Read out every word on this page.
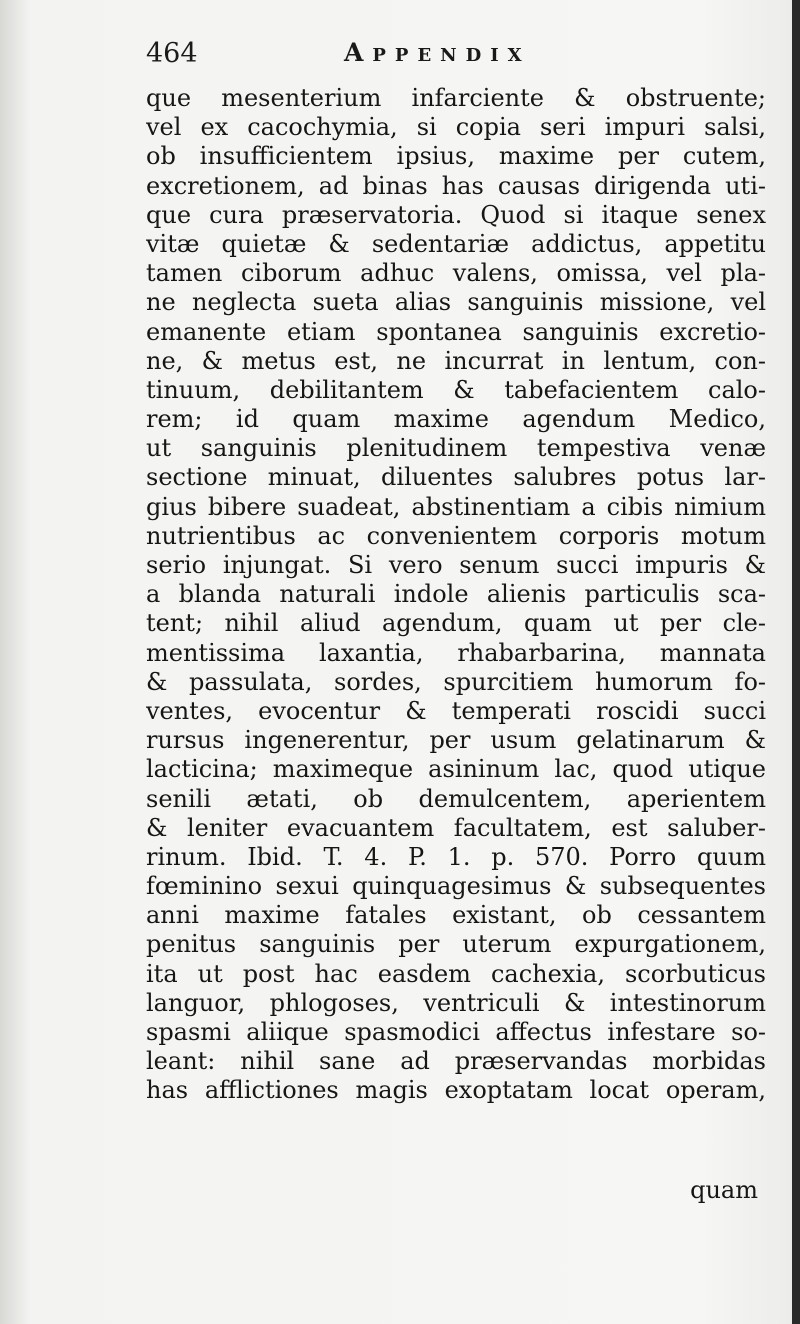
464	Appendix
que mesenterium infarciente & obstruente;
vel ex cacochymia, si copia seri impuri salsi,
ob insufficientem ipsius, maxime per cutem,
excretionem, ad binas has causas dirigenda uti-
que cura præservatoria. Quod si itaque senex
vitæ quietæ & sedentariæ addictus, appetitu
tamen ciborum adhuc valens, omissa, vel pla-
ne neglecta sueta alias sanguinis missione, vel
emanente etiam spontanea sanguinis excretio-
ne, & metus est, ne incurrat in lentum, con-
tinuum, debilitantem & tabefacientem calo-
rem; id quam maxime agendum Medico,
ut sanguinis plenitudinem tempestiva venæ
sectione minuat, diluentes salubres potus lar-
gius bibere suadeat, abstinentiam a cibis nimium
nutrientibus ac convenientem corporis motum
serio injungat. Si vero senum succi impuris &
a blanda naturali indole alienis particulis sca-
tent; nihil aliud agendum, quam ut per cle-
mentissima laxantia, rhabarbarina, mannata
& passulata, sordes, spurcitiem humorum fo-
ventes, evocentur & temperati roscidi succi
rursus ingenerentur, per usum gelatinarum &
lacticina; maximeque asininum lac, quod utique
senili ætati, ob demulcentem, aperientem
& leniter evacuantem facultatem, est saluber-
rinum. Ibid. T. 4. P. 1. p. 570. Porro quum
fœminino sexui quinquagesimus & subsequentes
anni maxime fatales existant, ob cessantem
penitus sanguinis per uterum expurgationem,
ita ut post hac easdem cachexia, scorbuticus
languor, phlogoses, ventriculi & intestinorum
spasmi aliique spasmodici affectus infestare so-
leant: nihil sane ad præservandas morbidas
has afflictiones magis exoptatam locat operam,
quam
